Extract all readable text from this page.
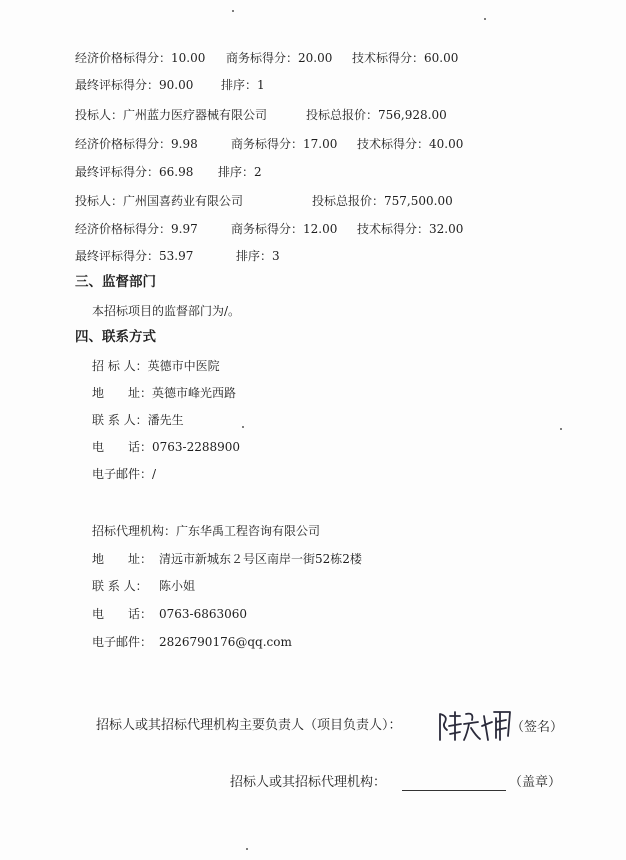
经济价格标得分：10.00 商务标得分：20.00 技术标得分：60.00
最终评标得分：90.00 排序：1
投标人：广州蓝力医疗器械有限公司	投标总报价：756,928.00
经济价格标得分：9.98	商务标得分：17.00 技术标得分：40.00
最终评标得分：66.98 排序：2
投标人：广州国喜药业有限公司	投标总报价：757,500.00
经济价格标得分：9.97	商务标得分：12.00 技术标得分：32.00
最终评标得分：53.97	排序：3
三、监督部门
本招标项目的监督部门为/。
四、联系方式
招 标 人：英德市中医院
地　　址：英德市峰光西路
联 系 人：潘先生
电　　话：0763-2288900
电子邮件：/
招标代理机构：广东华禹工程咨询有限公司
地　　址： 清远市新城东２号区南岸一街52栋2楼
联 系 人： 陈小姐
电　　话： 0763-6863060
电子邮件： 2826790176@qq.com
招标人或其招标代理机构主要负责人（项目负责人）：	（签名）
招标人或其招标代理机构：	（盖章）
